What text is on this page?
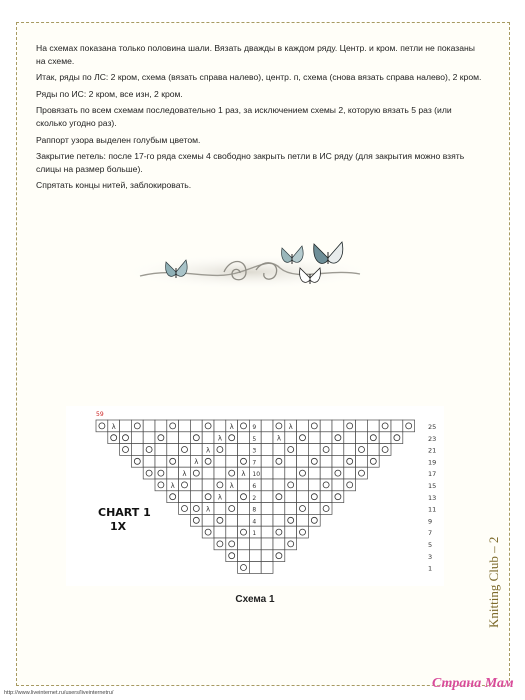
На схемах показана только половина шали. Вязать дважды в каждом ряду. Центр. и кром. петли не показаны на схеме.

Итак, ряды по ЛС: 2 кром, схема (вязать справа налево), центр. п, схема (снова вязать справа налево), 2 кром.

Ряды по ИС: 2 кром, все изн, 2 кром.

Провязать по всем схемам последовательно 1 раз, за исключением схемы 2, которую вязать 5 раз (или сколько угодно раз).

Раппорт узора выделен голубым цветом.

Закрытие петель: после 17-го ряда схемы 4 свободно закрыть петли в ИС ряду (для закрытия можно взять слицы на размер больше).

Спрятать концы нитей, заблокировать.

λ	λ	λ
λ	λ
λ
λ
λ	λ
λ	λ
λ
λ
9
5
3
7
10
6
2
8
4
1
25
23
21
19
17
15
13
11
9
7
5
3
1
59
CHART 1
1X
Схема 1	Knitting Club – 2
Страна Мам
http://www.liveinternet.ru/users/liveinternetru/
